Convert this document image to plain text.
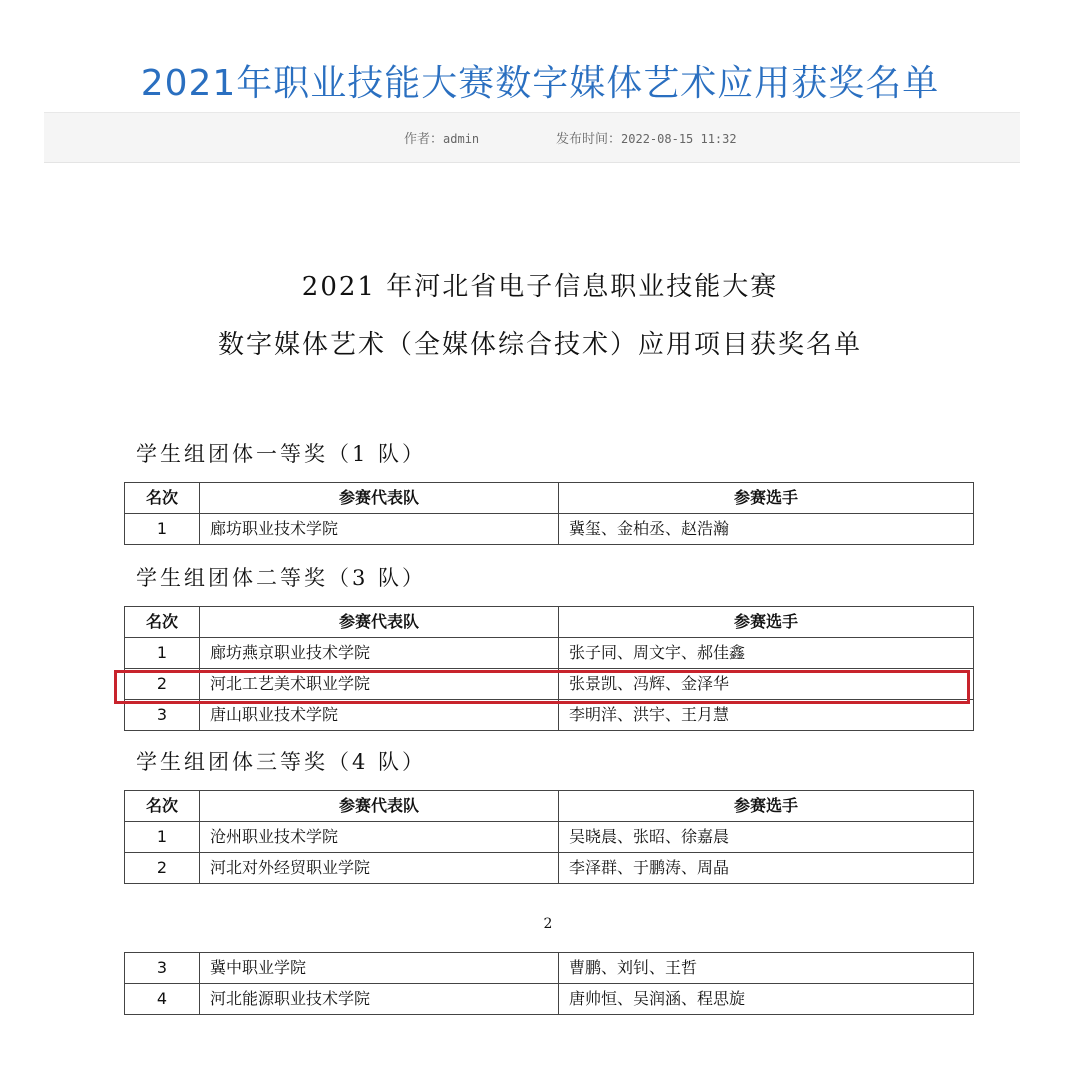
2021年职业技能大赛数字媒体艺术应用获奖名单
作者：admin	发布时间：2022-08-15 11:32
2021 年河北省电子信息职业技能大赛
数字媒体艺术（全媒体综合技术）应用项目获奖名单
学生组团体一等奖（1 队）
名次	参赛代表队	参赛选手
1	廊坊职业技术学院	冀玺、金柏丞、赵浩瀚
学生组团体二等奖（3 队）
名次	参赛代表队	参赛选手
1	廊坊燕京职业技术学院	张子同、周文宇、郝佳鑫
2	河北工艺美术职业学院	张景凯、冯辉、金泽华
3	唐山职业技术学院	李明洋、洪宇、王月慧
学生组团体三等奖（4 队）
名次	参赛代表队	参赛选手
1	沧州职业技术学院	吴晓晨、张昭、徐嘉晨
2	河北对外经贸职业学院	李泽群、于鹏涛、周晶
2
3	冀中职业学院	曹鹏、刘钊、王哲
4	河北能源职业技术学院	唐帅恒、吴润涵、程思旋
